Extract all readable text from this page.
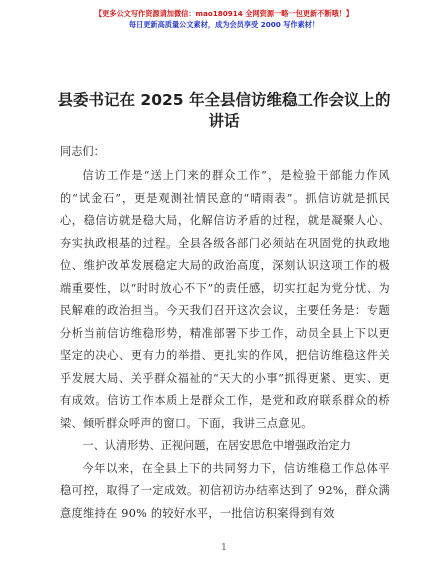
【更多公文写作资源请加微信：mao180914 全网资源一略一包更新不断哦！】
每日更新高质量公文素材，成为会员享受 2000 写作素材！
县委书记在 2025 年全县信访维稳工作会议上的
讲话

同志们：

信访工作是“送上门来的群众工作”，是检验干部能力作风的“试金石”，更是观测社情民意的“晴雨表”。抓信访就是抓民心，稳信访就是稳大局，化解信访矛盾的过程，就是凝聚人心、夯实执政根基的过程。全县各级各部门必须站在巩固党的执政地位、维护改革发展稳定大局的政治高度，深刻认识这项工作的极端重要性，以“时时放心不下”的责任感，切实扛起为党分忧、为民解难的政治担当。今天我们召开这次会议，主要任务是：专题分析当前信访维稳形势，精准部署下步工作，动员全县上下以更坚定的决心、更有力的举措、更扎实的作风，把信访维稳这件关乎发展大局、关乎群众福祉的“天大的小事”抓得更紧、更实、更有成效。信访工作本质上是群众工作，是党和政府联系群众的桥梁、倾听群众呼声的窗口。下面，我讲三点意见。

一、认清形势、正视问题，在居安思危中增强政治定力

今年以来，在全县上下的共同努力下，信访维稳工作总体平稳可控，取得了一定成效。初信初访办结率达到了 92%，群众满意度维持在 90% 的较好水平，一批信访积案得到有效

1
